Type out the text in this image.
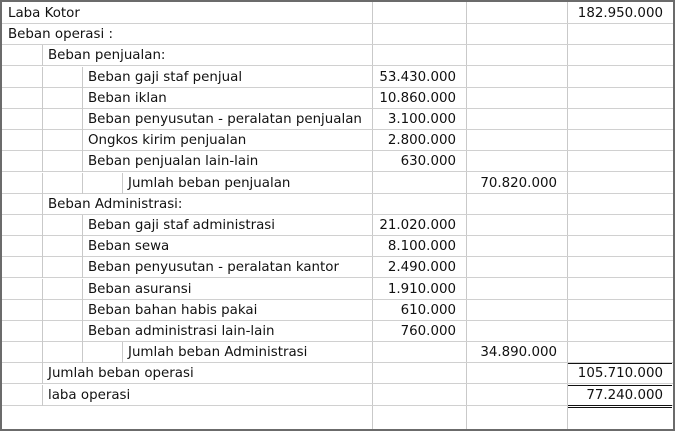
Laba Kotor	182.950.000
Beban operasi :
Beban penjualan:
Beban gaji staf penjual	53.430.000
Beban iklan	10.860.000
Beban penyusutan - peralatan penjualan	3.100.000
Ongkos kirim penjualan	2.800.000
Beban penjualan lain-lain	630.000
Jumlah beban penjualan	70.820.000
Beban Administrasi:
Beban gaji staf administrasi	21.020.000
Beban sewa	8.100.000
Beban penyusutan - peralatan kantor	2.490.000
Beban asuransi	1.910.000
Beban bahan habis pakai	610.000
Beban administrasi lain-lain	760.000
Jumlah beban Administrasi	34.890.000
Jumlah beban operasi	105.710.000
laba operasi	77.240.000
